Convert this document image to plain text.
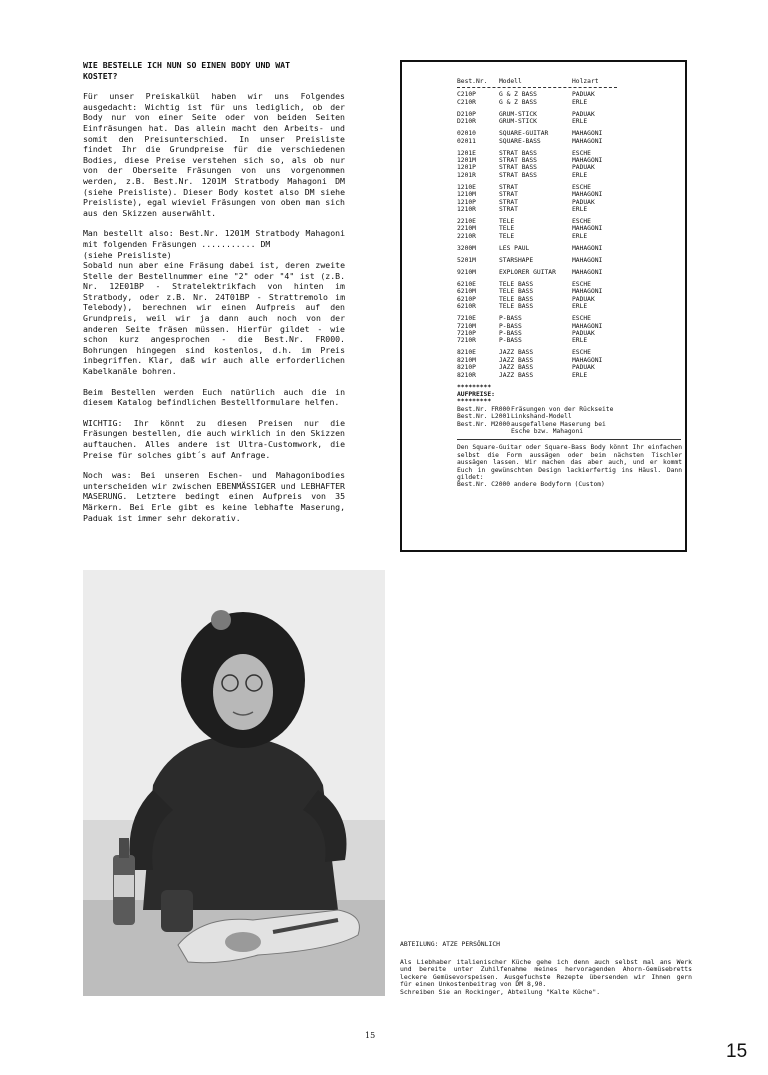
WIE BESTELLE ICH NUN SO EINEN BODY UND WAT
KOSTET?

Für unser Preiskalkül haben wir uns Folgendes ausgedacht: Wichtig ist für uns lediglich, ob der Body nur von einer Seite oder von beiden Seiten Einfräsungen hat. Das allein macht den Arbeits- und somit den Preisunterschied. In unser Preisliste findet Ihr die Grundpreise für die verschiedenen Bodies, diese Preise verstehen sich so, als ob nur von der Oberseite Fräsungen von uns vorgenommen werden, z.B. Best.Nr. 1201M Stratbody Mahagoni DM (siehe Preisliste). Dieser Body kostet also DM siehe Preisliste), egal wieviel Fräsungen von oben man sich aus den Skizzen auserwählt.

Man bestellt also: Best.Nr. 1201M Stratbody Mahagoni mit folgenden Fräsungen ........... DM
(siehe Preisliste)
Sobald nun aber eine Fräsung dabei ist, deren zweite Stelle der Bestellnummer eine "2" oder "4" ist (z.B. Nr. 12E01BP - Stratelektrikfach von hinten im Stratbody, oder z.B. Nr. 24T01BP - Strattremolo im Telebody), berechnen wir einen Aufpreis auf den Grundpreis, weil wir ja dann auch noch von der anderen Seite fräsen müssen. Hierfür gildet - wie schon kurz angesprochen - die Best.Nr. FR000. Bohrungen hingegen sind kostenlos, d.h. im Preis inbegriffen. Klar, daß wir auch alle erforderlichen Kabelkanäle bohren.

Beim Bestellen werden Euch natürlich auch die in diesem Katalog befindlichen Bestellformulare helfen.

WICHTIG: Ihr könnt zu diesen Preisen nur die Fräsungen bestellen, die auch wirklich in den Skizzen auftauchen. Alles andere ist Ultra-Customwork, die Preise für solches gibt´s auf Anfrage.

Noch was: Bei unseren Eschen- und Mahagonibodies unterscheiden wir zwischen EBENMÄSSIGER und LEBHAFTER MASERUNG. Letztere bedingt einen Aufpreis von 35 Märkern. Bei Erle gibt es keine lebhafte Maserung, Paduak ist immer sehr dekorativ.

Best.Nr.	Modell	Holzart
C210P	G & Z BASS	PADUAK
C210R	G & Z BASS	ERLE
D210P	GRUM-STICK	PADUAK
D210R	GRUM-STICK	ERLE
02010	SQUARE-GUITAR	MAHAGONI
02011	SQUARE-BASS	MAHAGONI
1201E	STRAT BASS	ESCHE
1201M	STRAT BASS	MAHAGONI
1201P	STRAT BASS	PADUAK
1201R	STRAT BASS	ERLE
1210E	STRAT	ESCHE
1210M	STRAT	MAHAGONI
1210P	STRAT	PADUAK
1210R	STRAT	ERLE
2210E	TELE	ESCHE
2210M	TELE	MAHAGONI
2210R	TELE	ERLE
3200M	LES PAUL	MAHAGONI
5201M	STARSHAPE	MAHAGONI
9210M	EXPLORER GUITAR	MAHAGONI
6210E	TELE BASS	ESCHE
6210M	TELE BASS	MAHAGONI
6210P	TELE BASS	PADUAK
6210R	TELE BASS	ERLE
7210E	P-BASS	ESCHE
7210M	P-BASS	MAHAGONI
7210P	P-BASS	PADUAK
7210R	P-BASS	ERLE
8210E	JAZZ BASS	ESCHE
8210M	JAZZ BASS	MAHAGONI
8210P	JAZZ BASS	PADUAK
8210R	JAZZ BASS	ERLE
*********
AUFPREISE:
*********
Best.Nr. FR000 Fräsungen von der Rückseite
Best.Nr. L2001 Linkshand-Modell
Best.Nr. M2000 ausgefallene Maserung bei
Esche bzw. Mahagoni
Den Square-Guitar oder Square-Bass Body könnt Ihr einfachen selbst die Form aussägen oder beim nächsten Tischler aussägen lassen. Wir machen das aber auch, und er kommt Euch in gewünschten Design lackierfertig ins Häusl. Dann gildet:
Best.Nr. C2000 andere Bodyform (Custom)
ABTEILUNG: ATZE PERSÖNLICH
Als Liebhaber italienischer Küche gehe ich denn auch selbst mal ans Werk und bereite unter Zuhilfenahme meines hervoragenden Ahorn-Gemüsebretts leckere Gemüsevorspeisen. Ausgefuchste Rezepte übersenden wir Ihnen gern für einen Unkostenbeitrag von DM 8,90.
Schreiben Sie an Rockinger, Abteilung "Kalte Küche".
15
15
